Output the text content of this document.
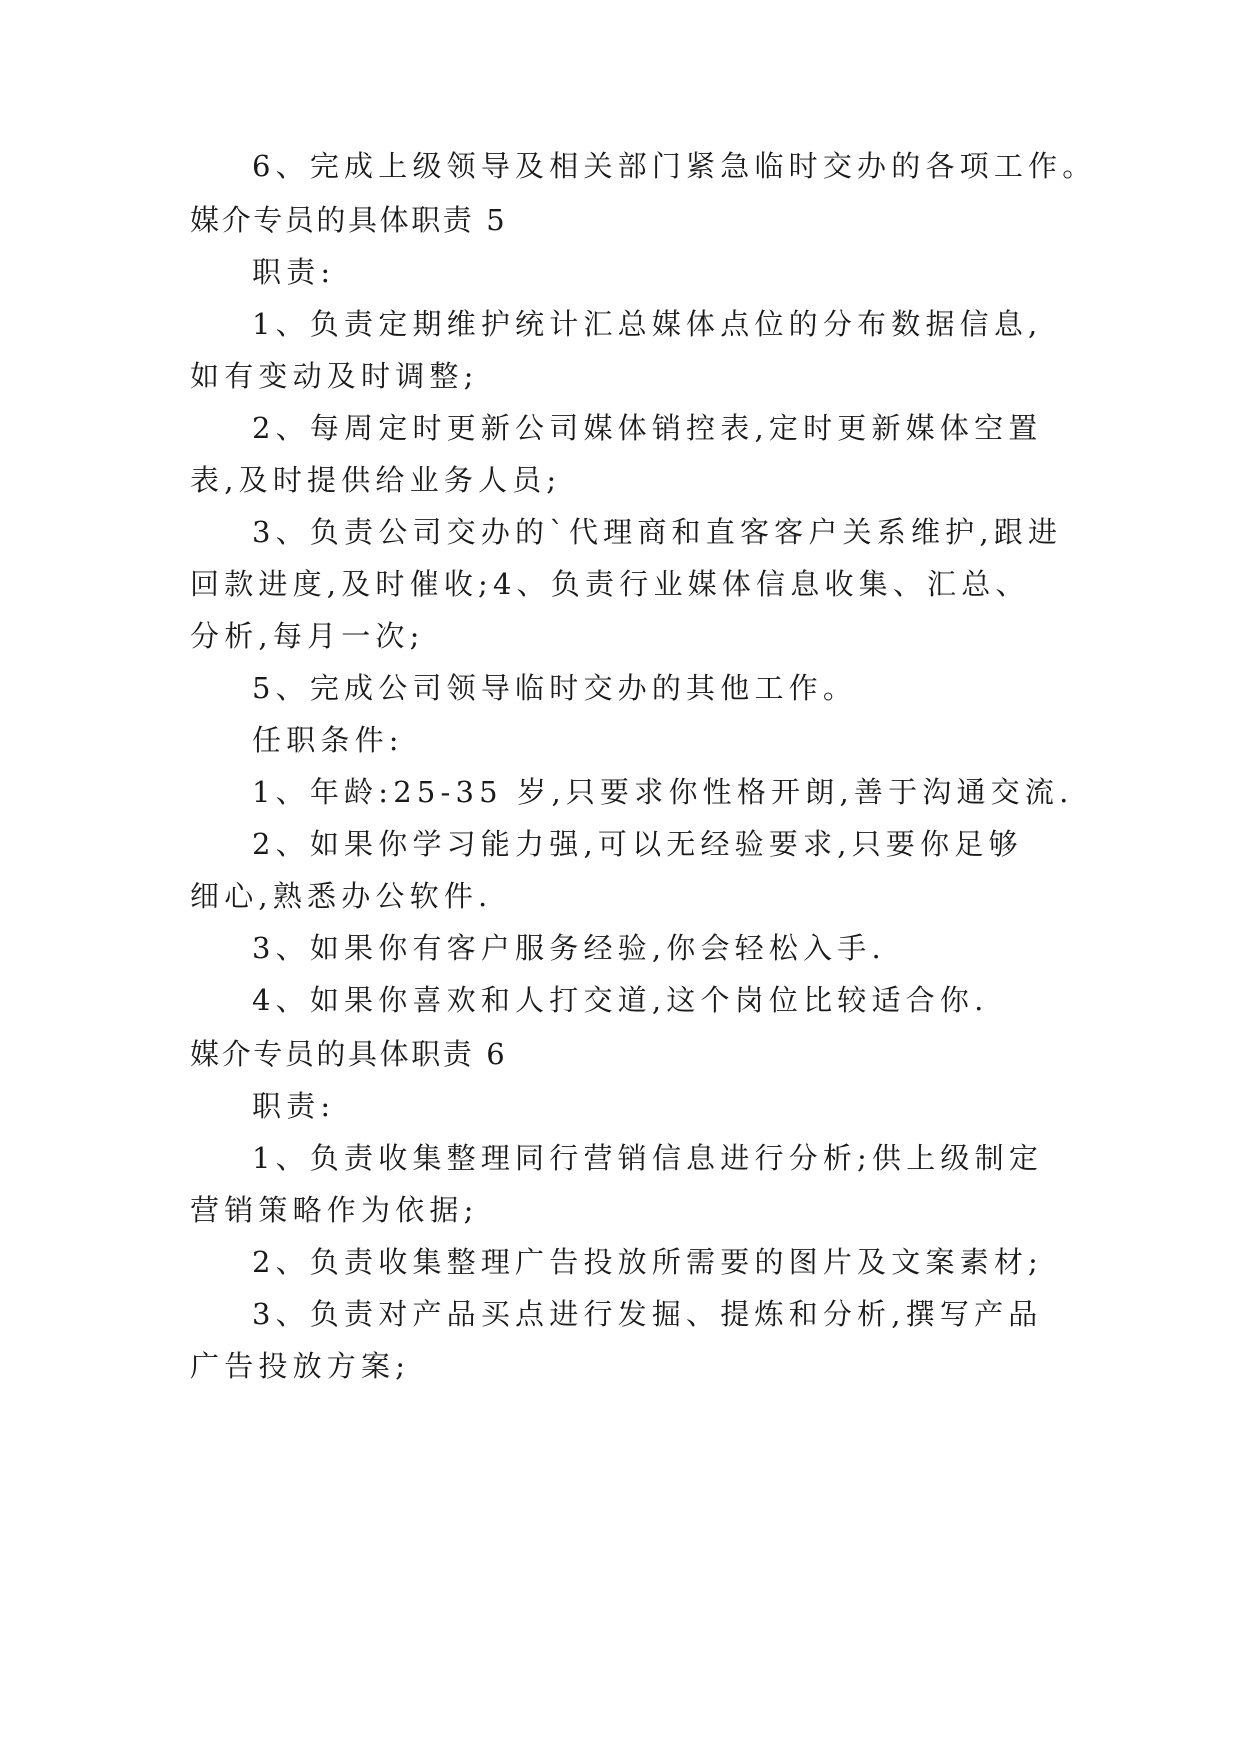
6、完成上级领导及相关部门紧急临时交办的各项工作。
媒介专员的具体职责 5
职责:
1、负责定期维护统计汇总媒体点位的分布数据信息,
如有变动及时调整;
2、每周定时更新公司媒体销控表,定时更新媒体空置
表,及时提供给业务人员;
3、负责公司交办的`代理商和直客客户关系维护,跟进
回款进度,及时催收;4、负责行业媒体信息收集、汇总、
分析,每月一次;
5、完成公司领导临时交办的其他工作。
任职条件:
1、年龄:25-35 岁,只要求你性格开朗,善于沟通交流.
2、如果你学习能力强,可以无经验要求,只要你足够
细心,熟悉办公软件.
3、如果你有客户服务经验,你会轻松入手.
4、如果你喜欢和人打交道,这个岗位比较适合你.
媒介专员的具体职责 6
职责:
1、负责收集整理同行营销信息进行分析;供上级制定
营销策略作为依据;
2、负责收集整理广告投放所需要的图片及文案素材;
3、负责对产品买点进行发掘、提炼和分析,撰写产品
广告投放方案;
